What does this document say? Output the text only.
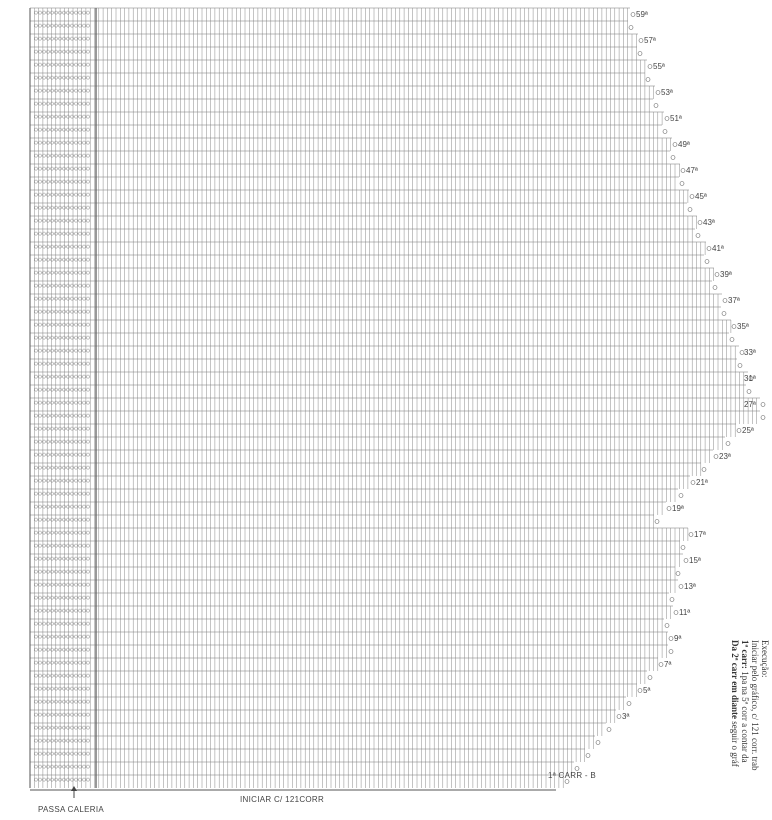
59ª
57ª
55ª
53ª
51ª
49ª
47ª
45ª
43ª
41ª
39ª
37ª
35ª
33ª
31ª
27ª
25ª
23ª
21ª
19ª
17ª
15ª
13ª
11ª
9ª
7ª
5ª
3ª
1ª CARR - B
INICIAR C/ 121CORR
PASSA CALERIA
Execução:
Iniciar pelo gráfico, c/ 121 corr. trab
1ª carr: 1pa na 5ª corr a contar da
Da 2ª carr em diante seguir o gráf
